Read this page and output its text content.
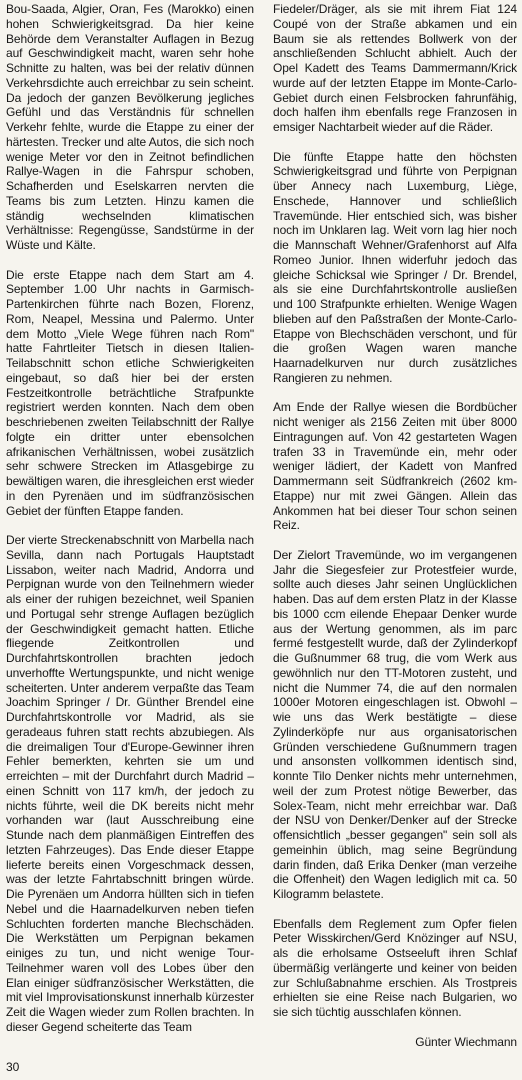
Bou-Saada, Algier, Oran, Fes (Marokko) einen hohen Schwierigkeitsgrad. Da hier keine Behörde dem Veranstalter Auflagen in Bezug auf Geschwindigkeit macht, waren sehr hohe Schnitte zu halten, was bei der relativ dünnen Verkehrsdichte auch erreichbar zu sein scheint. Da jedoch der ganzen Bevölkerung jegliches Gefühl und das Verständnis für schnellen Verkehr fehlte, wurde die Etappe zu einer der härtesten. Trecker und alte Autos, die sich noch wenige Meter vor den in Zeitnot befindlichen Rallye-Wagen in die Fahrspur schoben, Schafherden und Eselskarren nervten die Teams bis zum Letzten. Hinzu kamen die ständig wechselnden klimatischen Verhältnisse: Regengüsse, Sandstürme in der Wüste und Kälte.

Die erste Etappe nach dem Start am 4. September 1.00 Uhr nachts in Garmisch-Partenkirchen führte nach Bozen, Florenz, Rom, Neapel, Messina und Palermo. Unter dem Motto „Viele Wege führen nach Rom" hatte Fahrtleiter Tietsch in diesen Italien-Teilabschnitt schon etliche Schwierigkeiten eingebaut, so daß hier bei der ersten Festzeitkontrolle beträchtliche Strafpunkte registriert werden konnten. Nach dem oben beschriebenen zweiten Teilabschnitt der Rallye folgte ein dritter unter ebensolchen afrikanischen Verhältnissen, wobei zusätzlich sehr schwere Strecken im Atlasgebirge zu bewältigen waren, die ihresgleichen erst wieder in den Pyrenäen und im südfranzösischen Gebiet der fünften Etappe fanden.

Der vierte Streckenabschnitt von Marbella nach Sevilla, dann nach Portugals Hauptstadt Lissabon, weiter nach Madrid, Andorra und Perpignan wurde von den Teilnehmern wieder als einer der ruhigen bezeichnet, weil Spanien und Portugal sehr strenge Auflagen bezüglich der Geschwindigkeit gemacht hatten. Etliche fliegende Zeitkontrollen und Durchfahrtskontrollen brachten jedoch unverhoffte Wertungspunkte, und nicht wenige scheiterten. Unter anderem verpaßte das Team Joachim Springer / Dr. Günther Brendel eine Durchfahrtskontrolle vor Madrid, als sie geradeaus fuhren statt rechts abzubiegen. Als die dreimaligen Tour d'Europe-Gewinner ihren Fehler bemerkten, kehrten sie um und erreichten – mit der Durchfahrt durch Madrid – einen Schnitt von 117 km/h, der jedoch zu nichts führte, weil die DK bereits nicht mehr vorhanden war (laut Ausschreibung eine Stunde nach dem planmäßigen Eintreffen des letzten Fahrzeuges). Das Ende dieser Etappe lieferte bereits einen Vorgeschmack dessen, was der letzte Fahrtabschnitt bringen würde. Die Pyrenäen um Andorra hüllten sich in tiefen Nebel und die Haarnadelkurven neben tiefen Schluchten forderten manche Blechschäden. Die Werkstätten um Perpignan bekamen einiges zu tun, und nicht wenige Tour-Teilnehmer waren voll des Lobes über den Elan einiger südfranzösischer Werkstätten, die mit viel Improvisationskunst innerhalb kürzester Zeit die Wagen wieder zum Rollen brachten. In dieser Gegend scheiterte das Team

Fiedeler/Dräger, als sie mit ihrem Fiat 124 Coupé von der Straße abkamen und ein Baum sie als rettendes Bollwerk von der anschließenden Schlucht abhielt. Auch der Opel Kadett des Teams Dammermann/Krick wurde auf der letzten Etappe im Monte-Carlo-Gebiet durch einen Felsbrocken fahrunfähig, doch halfen ihm ebenfalls rege Franzosen in emsiger Nachtarbeit wieder auf die Räder.

Die fünfte Etappe hatte den höchsten Schwierigkeitsgrad und führte von Perpignan über Annecy nach Luxemburg, Liège, Enschede, Hannover und schließlich Travemünde. Hier entschied sich, was bisher noch im Unklaren lag. Weit vorn lag hier noch die Mannschaft Wehner/Grafenhorst auf Alfa Romeo Junior. Ihnen widerfuhr jedoch das gleiche Schicksal wie Springer / Dr. Brendel, als sie eine Durchfahrtskontrolle ausließen und 100 Strafpunkte erhielten. Wenige Wagen blieben auf den Paßstraßen der Monte-Carlo-Etappe von Blechschäden verschont, und für die großen Wagen waren manche Haarnadelkurven nur durch zusätzliches Rangieren zu nehmen.

Am Ende der Rallye wiesen die Bordbücher nicht weniger als 2156 Zeiten mit über 8000 Eintragungen auf. Von 42 gestarteten Wagen trafen 33 in Travemünde ein, mehr oder weniger lädiert, der Kadett von Manfred Dammermann seit Südfrankreich (2602 km-Etappe) nur mit zwei Gängen. Allein das Ankommen hat bei dieser Tour schon seinen Reiz.

Der Zielort Travemünde, wo im vergangenen Jahr die Siegesfeier zur Protestfeier wurde, sollte auch dieses Jahr seinen Unglücklichen haben. Das auf dem ersten Platz in der Klasse bis 1000 ccm eilende Ehepaar Denker wurde aus der Wertung genommen, als im parc fermé festgestellt wurde, daß der Zylinderkopf die Gußnummer 68 trug, die vom Werk aus gewöhnlich nur den TT-Motoren zusteht, und nicht die Nummer 74, die auf den normalen 1000er Motoren eingeschlagen ist. Obwohl – wie uns das Werk bestätigte – diese Zylinderköpfe nur aus organisatorischen Gründen verschiedene Gußnummern tragen und ansonsten vollkommen identisch sind, konnte Tilo Denker nichts mehr unternehmen, weil der zum Protest nötige Bewerber, das Solex-Team, nicht mehr erreichbar war. Daß der NSU von Denker/Denker auf der Strecke offensichtlich „besser gegangen" sein soll als gemeinhin üblich, mag seine Begründung darin finden, daß Erika Denker (man verzeihe die Offenheit) den Wagen lediglich mit ca. 50 Kilogramm belastete.

Ebenfalls dem Reglement zum Opfer fielen Peter Wisskirchen/Gerd Knözinger auf NSU, als die erholsame Ostseeluft ihren Schlaf übermäßig verlängerte und keiner von beiden zur Schlußabnahme erschien. Als Trostpreis erhielten sie eine Reise nach Bulgarien, wo sie sich tüchtig ausschlafen können.

Günter Wiechmann

30
